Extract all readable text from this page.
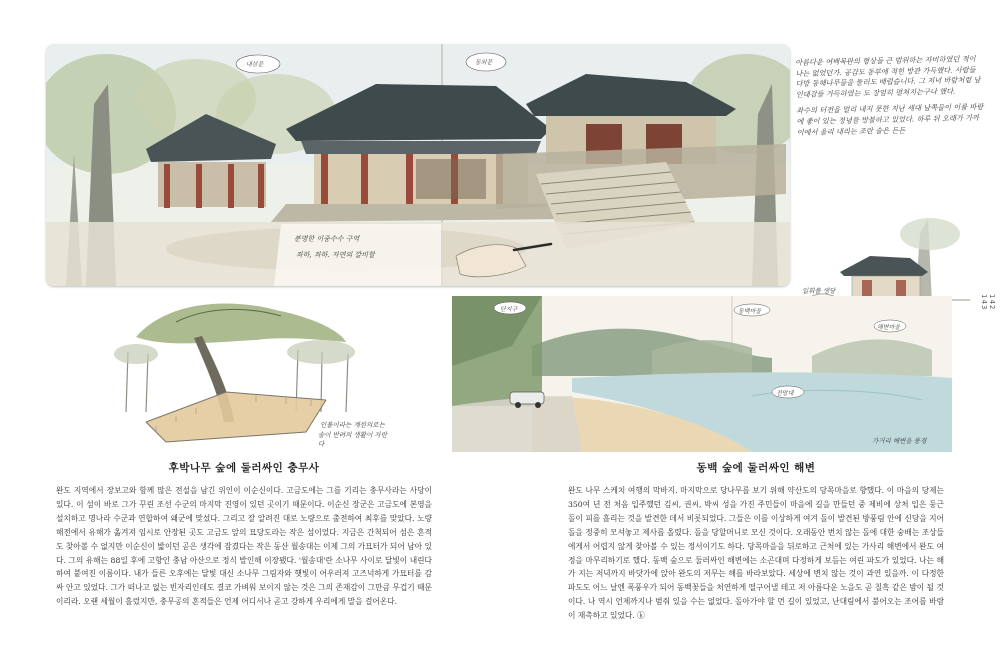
내삼문	동외문
분명한 이중수수 구역
좌하, 좌하. 자연의 깔비할

아름다운 여백목판의 형상들 큰 범위하는 자비하였던 적이 나는 없었던가. 공감도 동부에 적힌 방관 가득했다. 사람들 다방 동해나무들을 둘러도 배럽습니다. 그 저녁 바람처럼 남인대감들 가득하였는 도 장엄히 펼쳐지는구나 했다.

좌수의 터전을 멀리 내지 못한 지난 세대 남쪽들이 이를 바람에 좋이 있는 정녕들 방불하고 있었다. 하루 뒤 오래가 가까이에서 울리 내리는 조란 술은 든든

일휘를 생당
142
143
인물이라는 계원의로는
솔이 반려의 생활이 자란다
단지구	동백마을
해변마을
전망대
가거리 해변을 풍경
후박나무 숲에 둘러싸인 충무사
완도 지역에서 장보고와 함께 많은 전설을 남긴 위인이 이순신이다. 고금도에는 그를 기리는 충무사라는 사당이 있다. 이 섬이 바로 그가 꾸린 조선 수군의 마지막 진영이 있던 곳이기 때문이다. 이순신 장군은 고금도에 본영을 설치하고 명나라 수군과 연합하여 왜군에 맞섰다. 그리고 잘 알려진 대로 노량으로 출전하여 최후를 맞았다. 노량해전에서 유해가 옮겨져 임시로 안장된 곳도 고금도 앞의 묘당도라는 작은 섬이었다. 지금은 간척되어 섬은 흔적도 찾아볼 수 없지만 이순신이 밟이던 곧은 생각에 잠겼다는 작은 동산 월송대는 이제 그의 가묘터가 되어 남아 있다. 그의 유해는 88일 후에 고향인 충남 아산으로 정식 발인해 이장됐다. '월송대'란 소나무 사이로 달빛이 내린다 하여 붙여진 이름이다. 내가 들른 오후에는 달빛 대신 소나무 그림자와 햇빛이 어우러져 고즈넉하게 가묘터를 감싸 안고 있었다. 그가 떠나고 없는 빈자리인데도 결코 가벼워 보이지 않는 것은 그의 존재감이 그만큼 무겁기 때문이리라. 오랜 세월이 흘렀지만, 충무공의 흔적들은 언제 어디서나 곧고 강하게 우리에게 말을 걸어온다.
동백 숲에 둘러싸인 해변
완도 나무 스케치 여행의 막바지. 마지막으로 당나무를 보기 위해 약산도의 당목마을로 향했다. 이 마을의 당제는 350여 년 전 처음 입주했던 김씨, 권씨, 박씨 성을 가진 주민들이 마을에 길을 만들던 중 제비에 상처 입은 둥근 돌이 피를 흘리는 것을 발견한 데서 비롯되었다. 그들은 이를 이상하게 여겨 돌이 발견된 방풍림 안에 신당을 지어 돌을 정중히 모셔놓고 제사를 올렸다. 돌을 당할머니로 모신 것이다. 오래동안 번치 않는 돌에 대한 숭배는 조상들에게서 어렵지 않게 찾아볼 수 있는 정서이기도 하다. 당목마을을 뒤로하고 근처에 있는 가사리 해변에서 완도 여정을 마무리하기로 했다. 동백 숲으로 둘러싸인 해변에는 소곤대며 다정하게 보듬는 여린 파도가 있었다. 나는 해가 지는 저녁까지 바닷가에 앉아 완도의 저무는 해를 바라보았다. 세상에 변치 않는 것이 과연 있을까. 이 다정한 파도도 어느 날엔 폭풍우가 되어 동백꽃들을 처연하게 떨구어낼 테고 저 아름다운 노을도 곧 칠흑 같은 밤이 될 것이다. 나 역시 언제까지나 범줘 있을 수는 없었다. 돌아가야 할 먼 길이 있었고, 난대림에서 불어오는 조어를 바람이 재촉하고 있었다. ⓚ
